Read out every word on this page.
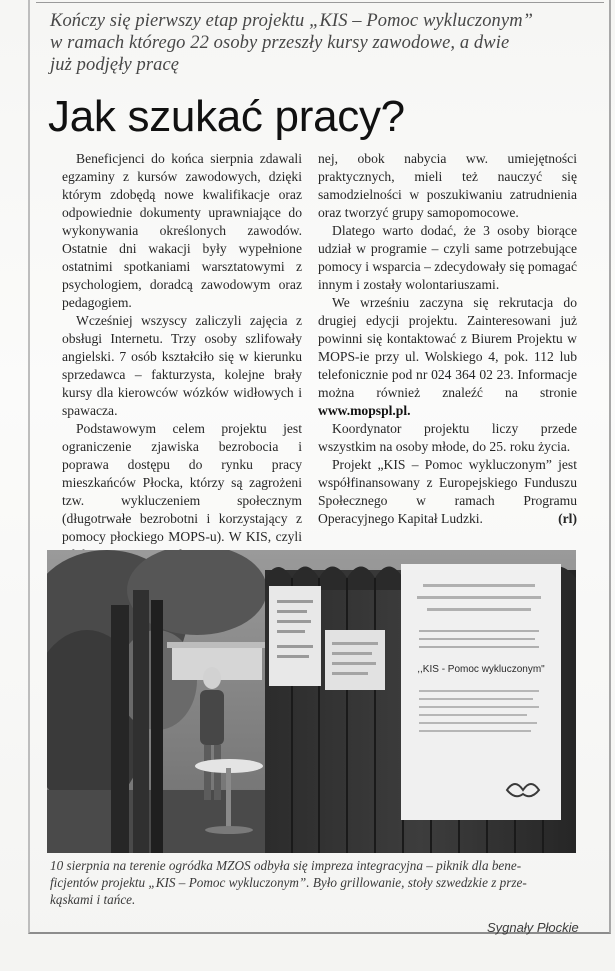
Kończy się pierwszy etap projektu „KIS – Pomoc wykluczonym”
w ramach którego 22 osoby przeszły kursy zawodowe, a dwie
już podjęły pracę
Jak szukać pracy?

Beneficjenci do końca sierpnia zdawali egzaminy z kursów zawodowych, dzięki którym zdobędą nowe kwalifikacje oraz odpowiednie dokumenty uprawniające do wykonywania określonych zawodów. Ostatnie dni wakacji były wypełnione ostatnimi spotkaniami warsztatowymi z psychologiem, doradcą zawodowym oraz pedagogiem.

Wcześniej wszyscy zaliczyli zajęcia z obsługi Internetu. Trzy osoby szlifowały angielski. 7 osób kształciło się w kierunku sprzedawca – fakturzysta, kolejne brały kursy dla kierowców wózków widłowych i spawacza.

Podstawowym celem projektu jest ograniczenie zjawiska bezrobocia i poprawa dostępu do rynku pracy mieszkańców Płocka, którzy są zagrożeni tzw. wykluczeniem społecznym (długotrwałe bezrobotni i korzystający z pomocy płockiego MOPS-u). W KIS, czyli

nej, obok nabycia ww. umiejętności praktycznych, mieli też nauczyć się samodzielności w poszukiwaniu zatrudnienia oraz tworzyć grupy samopomocowe.

Dlatego warto dodać, że 3 osoby biorące udział w programie – czyli same potrzebujące pomocy i wsparcia – zdecydowały się pomagać innym i zostały wolontariuszami.

We wrześniu zaczyna się rekrutacja do drugiej edycji projektu. Zainteresowani już powinni się kontaktować z Biurem Projektu w MOPS-ie przy ul. Wolskiego 4, pok. 112 lub telefonicznie pod nr 024 364 02 23. Informacje można również znaleźć na stronie www.mopspl.pl.

Koordynator projektu liczy przede wszystkim na osoby młode, do 25. roku życia.

Projekt „KIS – Pomoc wykluczonym” jest współfinansowany z Europejskiego Funduszu Społecznego w ramach Programu Operacyjnego Kapitał Ludzki.	(rl)

,,KIS - Pomoc wykluczonym"
10 sierpnia na terenie ogródka MZOS odbyła się impreza integracyjna – piknik dla bene-
ficjentów projektu „KIS – Pomoc wykluczonym”. Było grillowanie, stoły szwedzkie z prze-
kąskami i tańce.
Sygnały Płockie
